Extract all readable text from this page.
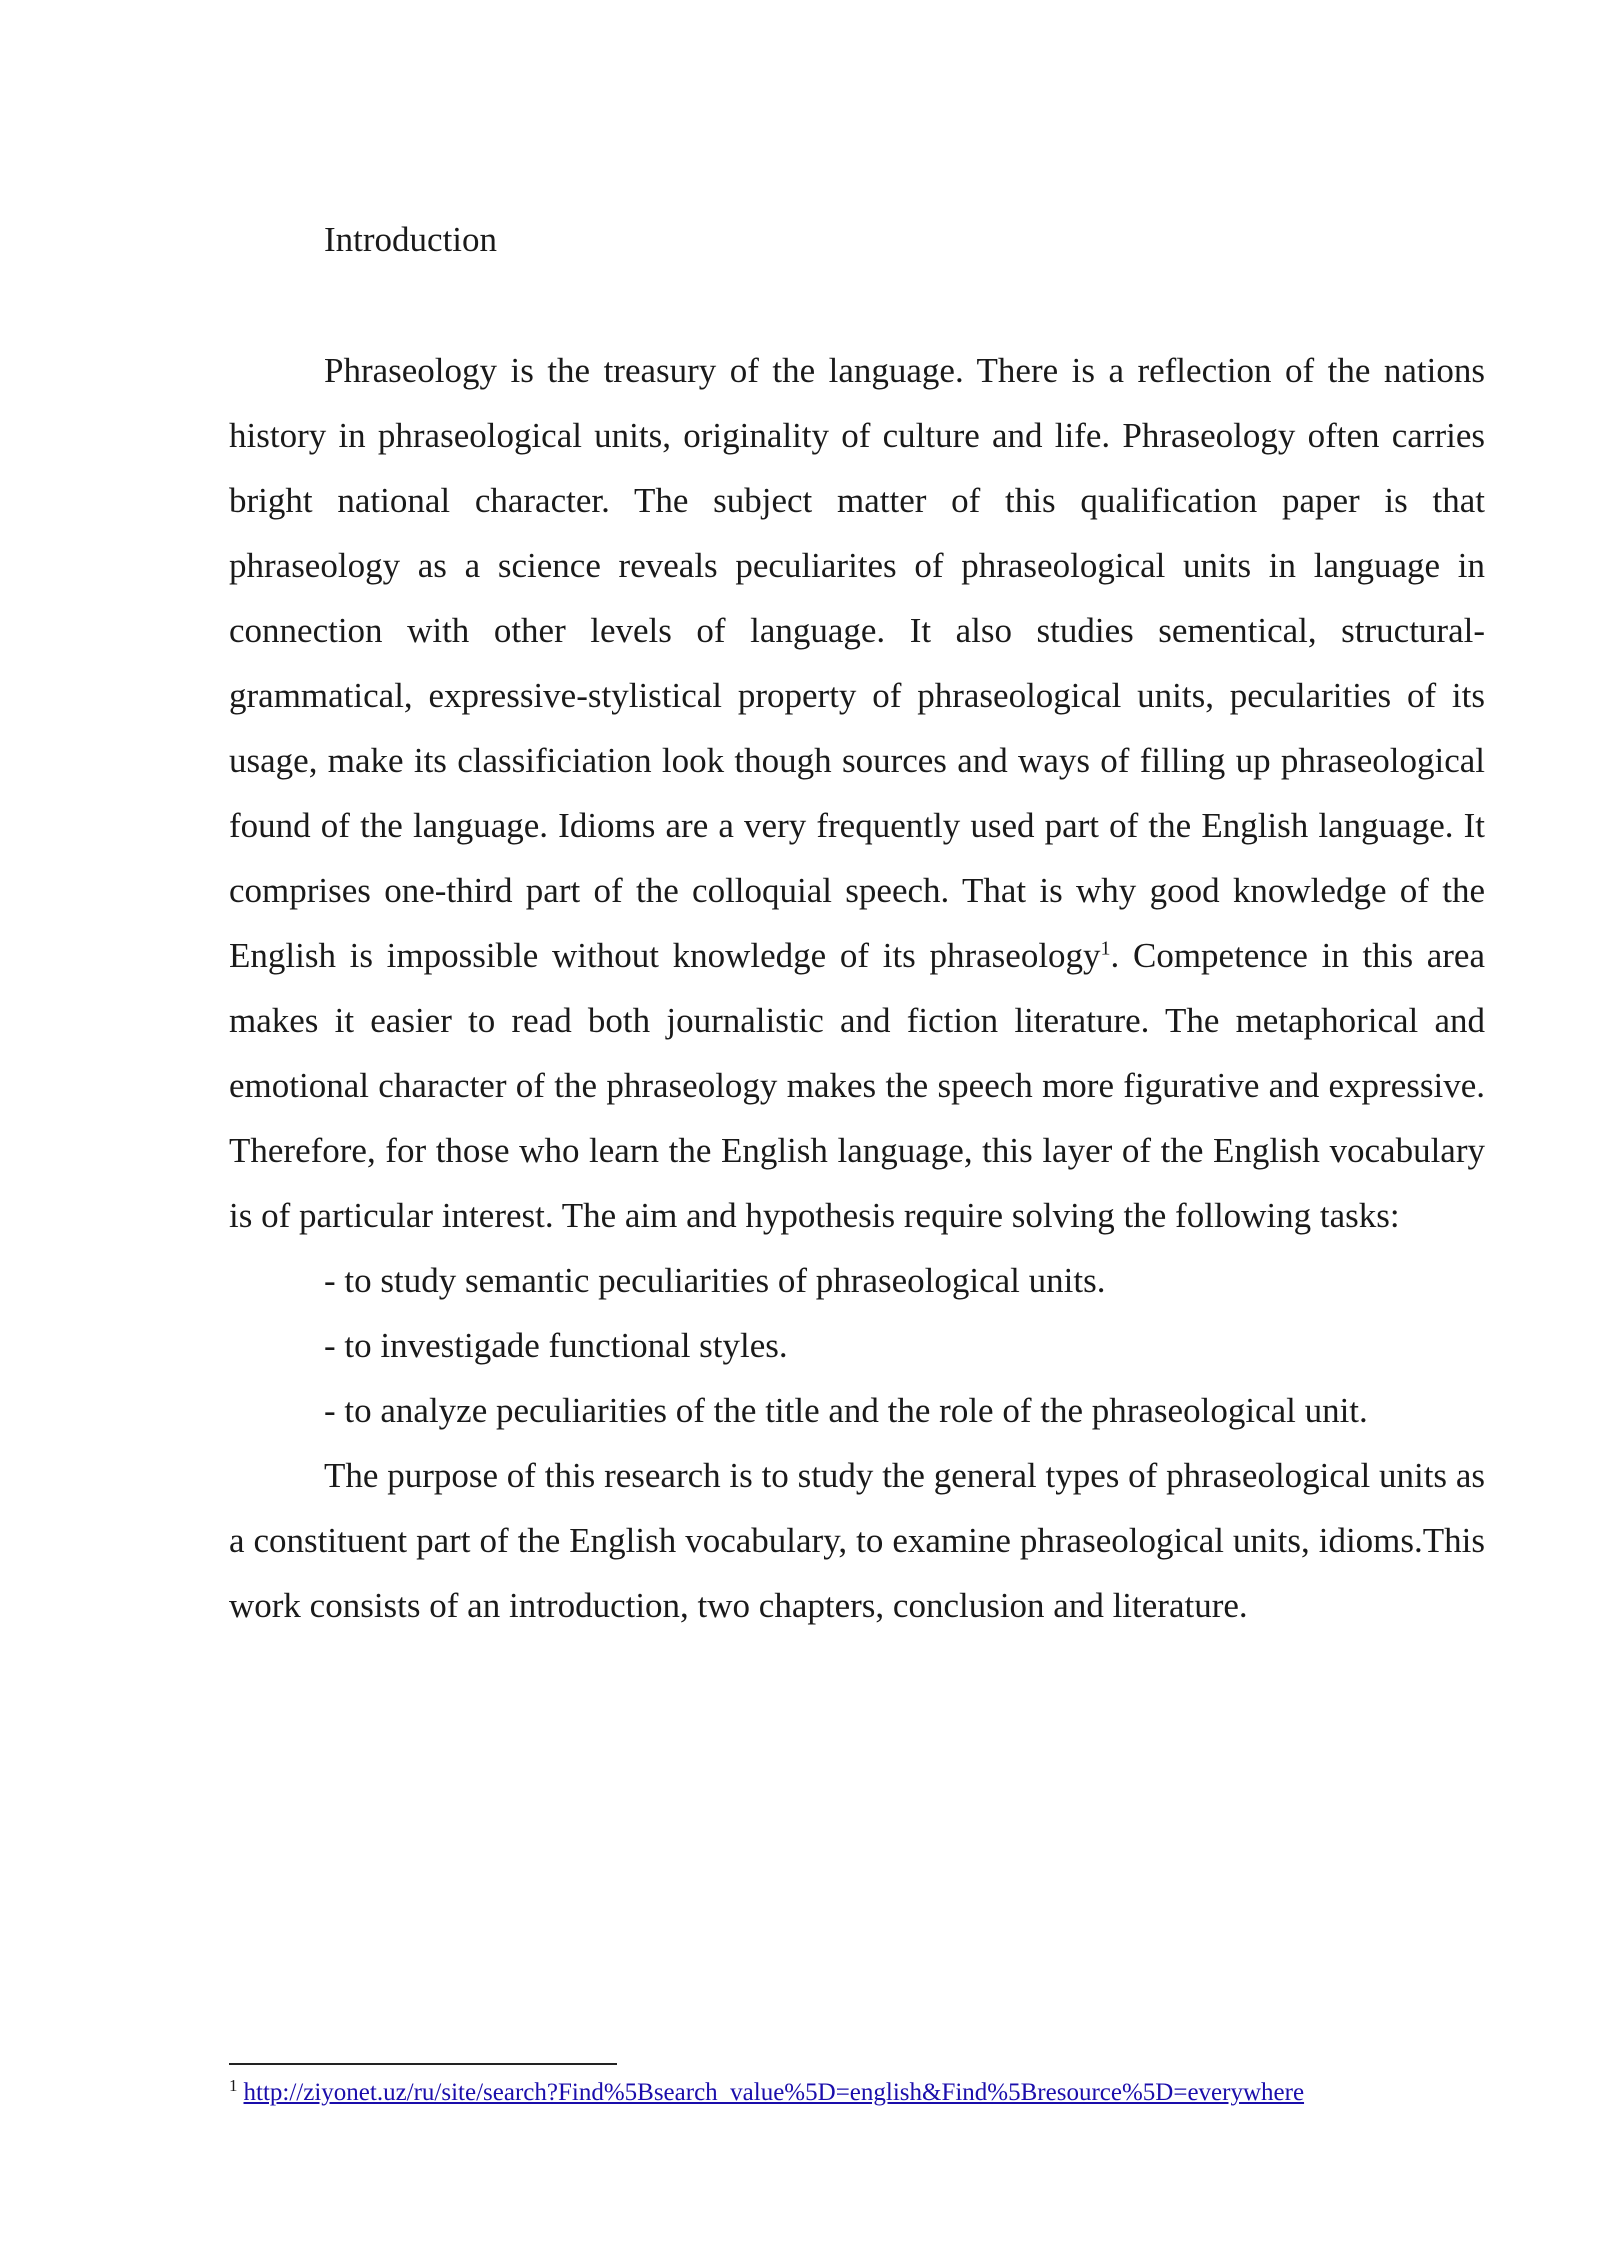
Introduction

Phraseology is the treasury of the language. There is a reflection of the nations history in phraseological units, originality of culture and life. Phraseology often carries bright national character. The subject matter of this qualification paper is that phraseology as a science reveals peculiarites of phraseological units in language in connection with other levels of language. It also studies sementical, structural-grammatical, expressive-stylistical property of phraseological units, pecularities of its usage, make its classificiation look though sources and ways of filling up phraseological found of the language. Idioms are a very frequently used part of the English language. It comprises one-third part of the colloquial speech. That is why good knowledge of the English is impossible without knowledge of its phraseology$^1$. Competence in this area makes it easier to read both journalistic and fiction literature. The metaphorical and emotional character of the phraseology makes the speech more figurative and expressive. Therefore, for those who learn the English language, this layer of the English vocabulary is of particular interest. The aim and hypothesis require solving the following tasks:

- to study semantic peculiarities of phraseological units.

- to investigade functional styles.

- to analyze peculiarities of the title and the role of the phraseological unit.

The purpose of this research is to study the general types of phraseological units as a constituent part of the English vocabulary, to examine phraseological units, idioms.This work consists of an introduction, two chapters, conclusion and literature.

$^1$ http://ziyonet.uz/ru/site/search?Find%5Bsearch_value%5D=english&Find%5Bresource%5D=everywhere
